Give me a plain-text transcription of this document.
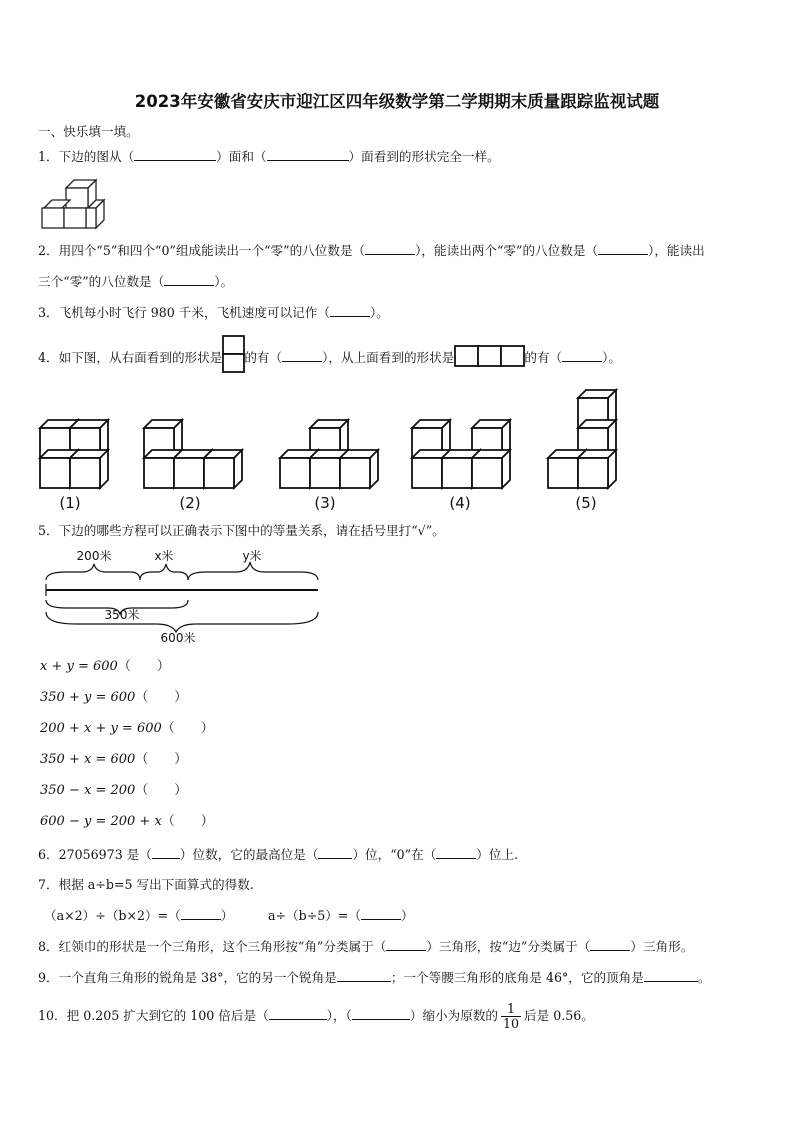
2023年安徽省安庆市迎江区四年级数学第二学期期末质量跟踪监视试题
一、快乐填一填。
1．下边的图从（	）面和（	）面看到的形状完全一样。
2．用四个“5”和四个“0”组成能读出一个“零”的八位数是（	），能读出两个“零”的八位数是（	），能读出
三个“零”的八位数是（	）。
3．飞机每小时飞行 980 千米，飞机速度可以记作（	）。
4．如下图，从右面看到的形状是 的有（	），从上面看到的形状是	的有（	）。
(1)	(2)	(3)	(4)	(5)
5．下边的哪些方程可以正确表示下图中的等量关系，请在括号里打“√”。
200米	x米	y米
350米
600米
x + y = 600（　　）
350 + y = 600（　　）
200 + x + y = 600（　　）
350 + x = 600（　　）
350 − x = 200（　　）
600 − y = 200 + x（　　）
6．27056973 是（ ）位数，它的最高位是（	）位，“0”在（	）位上.
7．根据 a÷b=5 写出下面算式的得数.
（a×2）÷（b×2）=（	）	a÷（b÷5）=（	）
8．红领巾的形状是一个三角形，这个三角形按“角”分类属于（	）三角形，按“边”分类属于（	）三角形。
9．一个直角三角形的锐角是 38°，它的另一个锐角是	；一个等腰三角形的底角是 46°，它的顶角是	。
10．把 0.205 扩大到它的 100 倍后是（	），（	）缩小为原数的 $\frac{1}{10}$ 后是 0.56。
